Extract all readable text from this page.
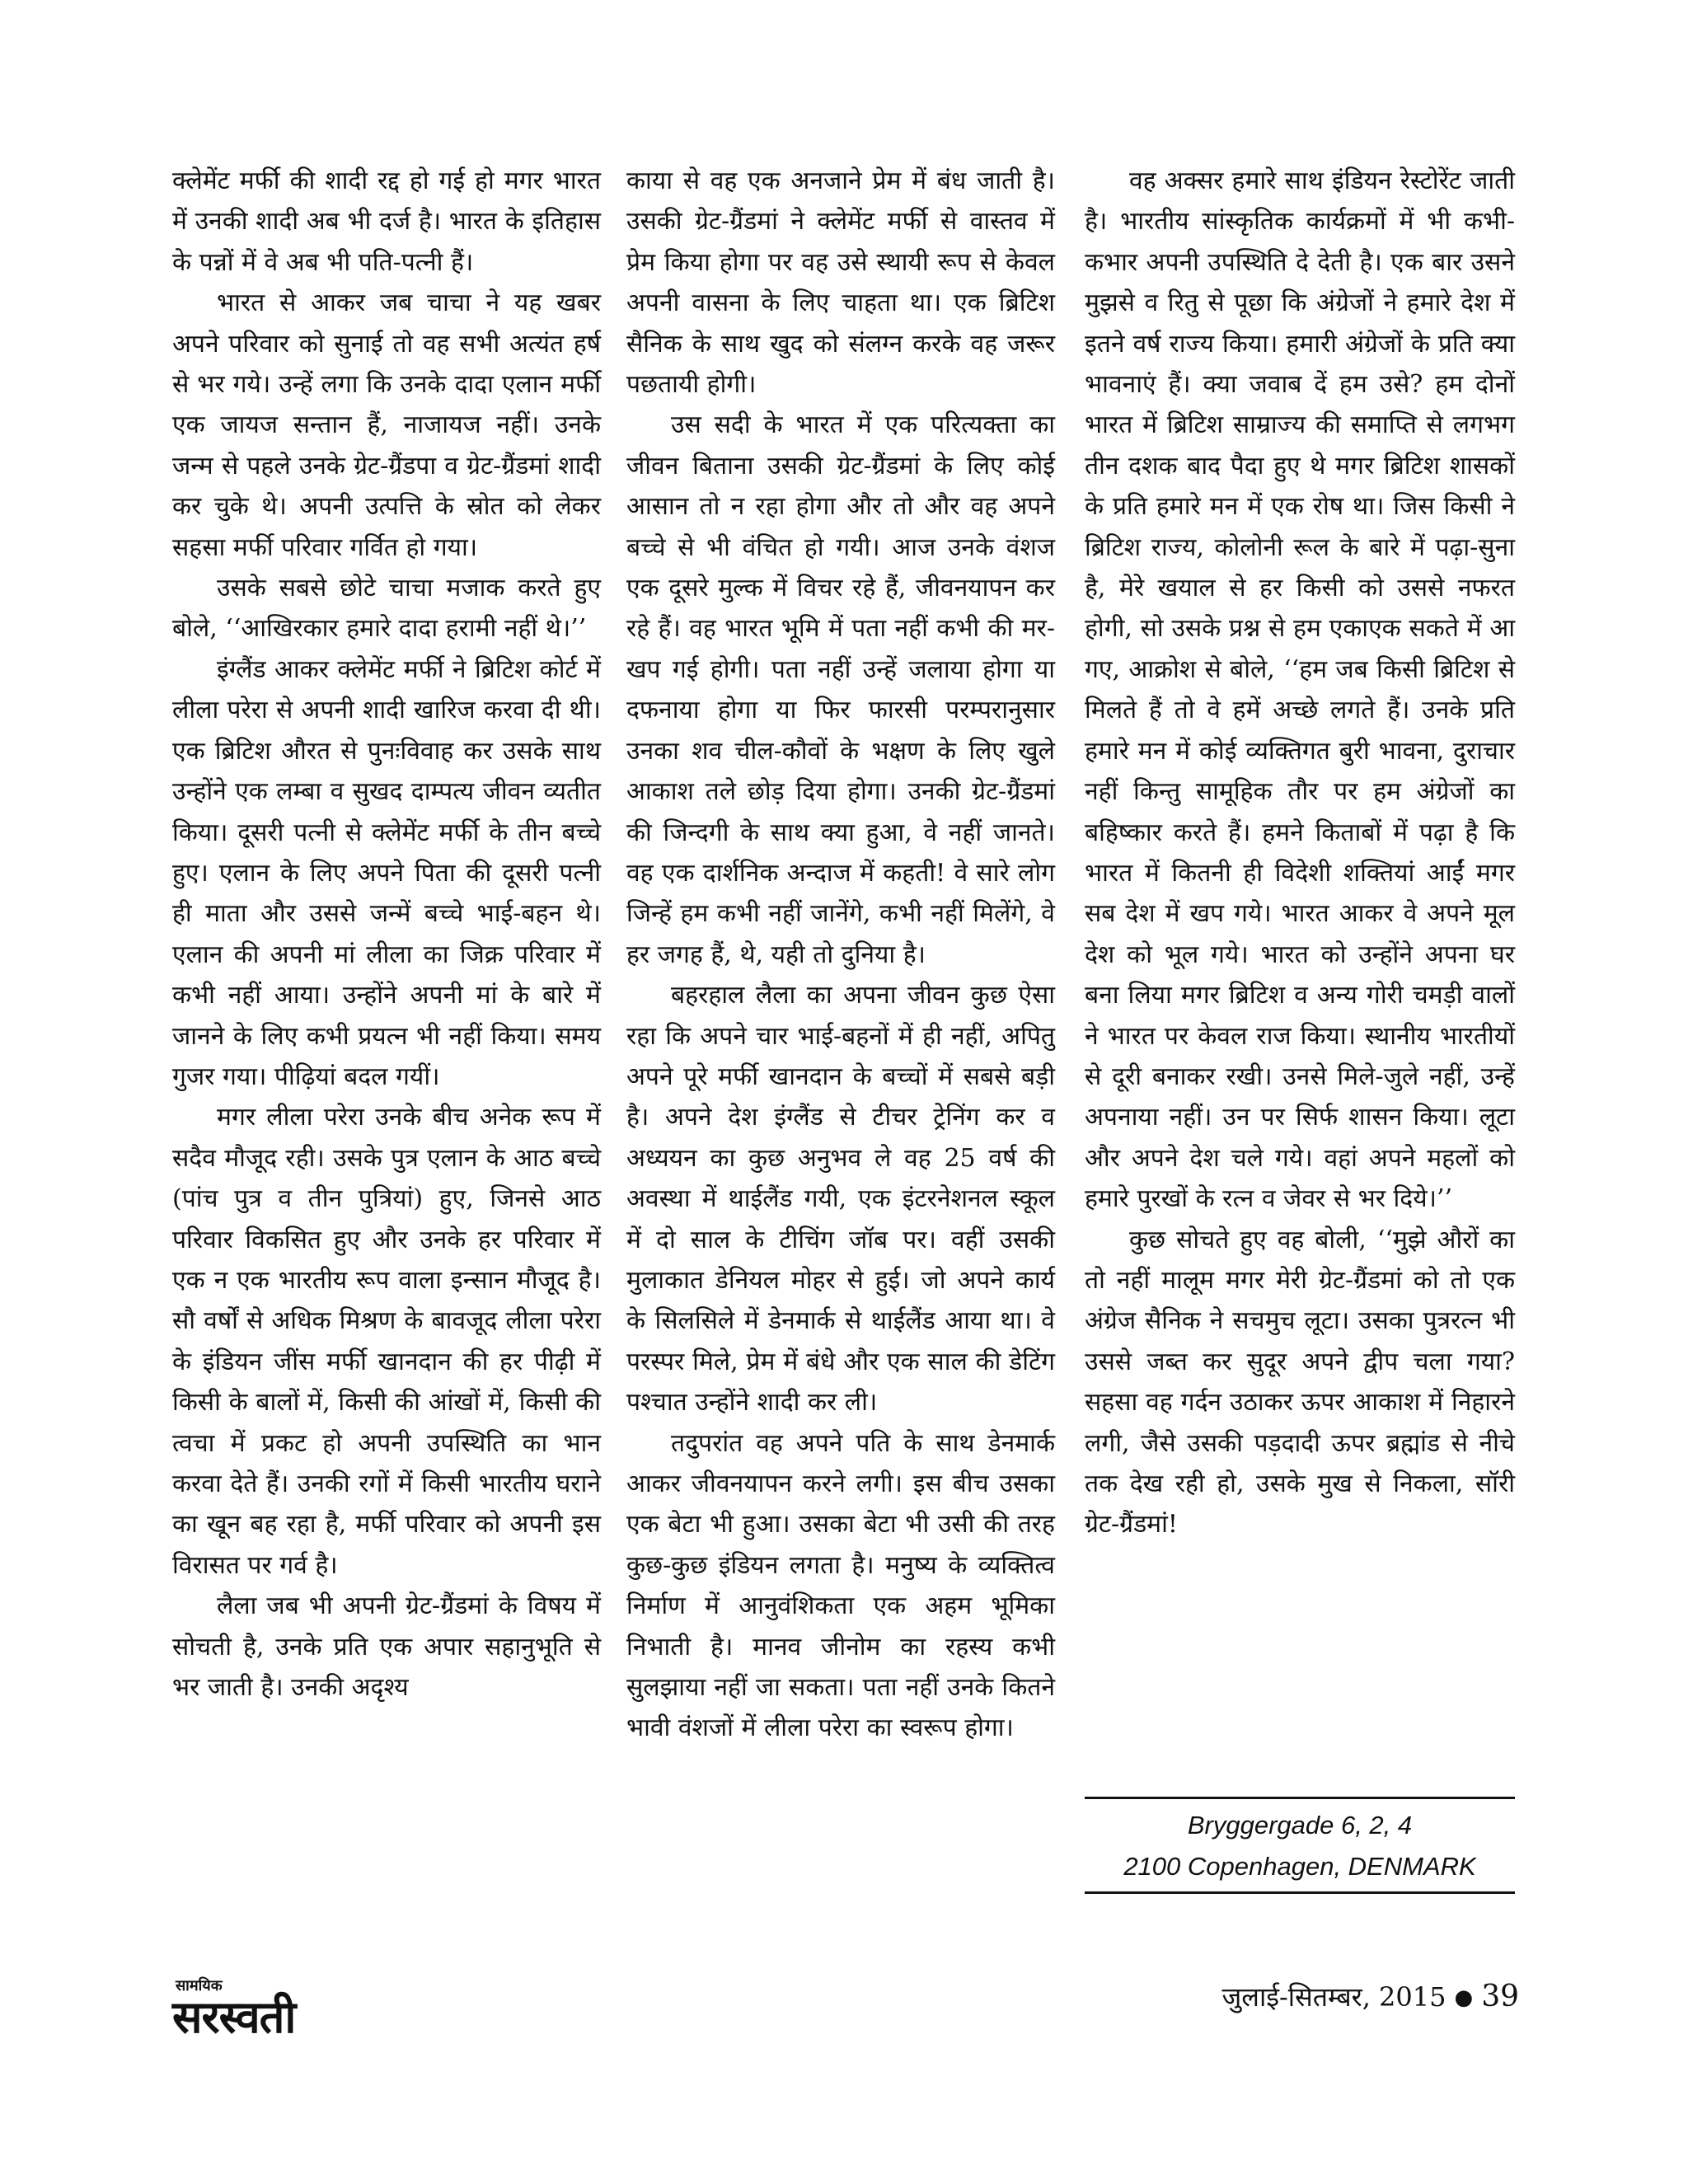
क्लेमेंट मर्फी की शादी रद्द हो गई हो मगर भारत में उनकी शादी अब भी दर्ज है। भारत के इतिहास के पन्नों में वे अब भी पति-पत्नी हैं।

भारत से आकर जब चाचा ने यह खबर अपने परिवार को सुनाई तो वह सभी अत्यंत हर्ष से भर गये। उन्हें लगा कि उनके दादा एलान मर्फी एक जायज सन्तान हैं, नाजायज नहीं। उनके जन्म से पहले उनके ग्रेट-ग्रैंडपा व ग्रेट-ग्रैंडमां शादी कर चुके थे। अपनी उत्पत्ति के स्रोत को लेकर सहसा मर्फी परिवार गर्वित हो गया।

उसके सबसे छोटे चाचा मजाक करते हुए बोले, ‘‘आखिरकार हमारे दादा हरामी नहीं थे।’’

इंग्लैंड आकर क्लेमेंट मर्फी ने ब्रिटिश कोर्ट में लीला परेरा से अपनी शादी खारिज करवा दी थी। एक ब्रिटिश औरत से पुनःविवाह कर उसके साथ उन्होंने एक लम्बा व सुखद दाम्पत्य जीवन व्यतीत किया। दूसरी पत्नी से क्लेमेंट मर्फी के तीन बच्चे हुए। एलान के लिए अपने पिता की दूसरी पत्नी ही माता और उससे जन्में बच्चे भाई-बहन थे। एलान की अपनी मां लीला का जिक्र परिवार में कभी नहीं आया। उन्होंने अपनी मां के बारे में जानने के लिए कभी प्रयत्न भी नहीं किया। समय गुजर गया। पीढ़ियां बदल गयीं।

मगर लीला परेरा उनके बीच अनेक रूप में सदैव मौजूद रही। उसके पुत्र एलान के आठ बच्चे (पांच पुत्र व तीन पुत्रियां) हुए, जिनसे आठ परिवार विकसित हुए और उनके हर परिवार में एक न एक भारतीय रूप वाला इन्सान मौजूद है। सौ वर्षों से अधिक मिश्रण के बावजूद लीला परेरा के इंडियन जींस मर्फी खानदान की हर पीढ़ी में किसी के बालों में, किसी की आंखों में, किसी की त्वचा में प्रकट हो अपनी उपस्थिति का भान करवा देते हैं। उनकी रगों में किसी भारतीय घराने का खून बह रहा है, मर्फी परिवार को अपनी इस विरासत पर गर्व है।

लैला जब भी अपनी ग्रेट-ग्रैंडमां के विषय में सोचती है, उनके प्रति एक अपार सहानुभूति से भर जाती है। उनकी अदृश्य

काया से वह एक अनजाने प्रेम में बंध जाती है। उसकी ग्रेट-ग्रैंडमां ने क्लेमेंट मर्फी से वास्तव में प्रेम किया होगा पर वह उसे स्थायी रूप से केवल अपनी वासना के लिए चाहता था। एक ब्रिटिश सैनिक के साथ खुद को संलग्न करके वह जरूर पछतायी होगी।

उस सदी के भारत में एक परित्यक्ता का जीवन बिताना उसकी ग्रेट-ग्रैंडमां के लिए कोई आसान तो न रहा होगा और तो और वह अपने बच्चे से भी वंचित हो गयी। आज उनके वंशज एक दूसरे मुल्क में विचर रहे हैं, जीवनयापन कर रहे हैं। वह भारत भूमि में पता नहीं कभी की मर-खप गई होगी। पता नहीं उन्हें जलाया होगा या दफनाया होगा या फिर फारसी परम्परानुसार उनका शव चील-कौवों के भक्षण के लिए खुले आकाश तले छोड़ दिया होगा। उनकी ग्रेट-ग्रैंडमां की जिन्दगी के साथ क्या हुआ, वे नहीं जानते। वह एक दार्शनिक अन्दाज में कहती! वे सारे लोग जिन्हें हम कभी नहीं जानेंगे, कभी नहीं मिलेंगे, वे हर जगह हैं, थे, यही तो दुनिया है।

बहरहाल लैला का अपना जीवन कुछ ऐसा रहा कि अपने चार भाई-बहनों में ही नहीं, अपितु अपने पूरे मर्फी खानदान के बच्चों में सबसे बड़ी है। अपने देश इंग्लैंड से टीचर ट्रेनिंग कर व अध्ययन का कुछ अनुभव ले वह 25 वर्ष की अवस्था में थाईलैंड गयी, एक इंटरनेशनल स्कूल में दो साल के टीचिंग जॉब पर। वहीं उसकी मुलाकात डेनियल मोहर से हुई। जो अपने कार्य के सिलसिले में डेनमार्क से थाईलैंड आया था। वे परस्पर मिले, प्रेम में बंधे और एक साल की डेटिंग पश्चात उन्होंने शादी कर ली।

तदुपरांत वह अपने पति के साथ डेनमार्क आकर जीवनयापन करने लगी। इस बीच उसका एक बेटा भी हुआ। उसका बेटा भी उसी की तरह कुछ-कुछ इंडियन लगता है। मनुष्य के व्यक्तित्व निर्माण में आनुवंशिकता एक अहम भूमिका निभाती है। मानव जीनोम का रहस्य कभी सुलझाया नहीं जा सकता। पता नहीं उनके कितने भावी वंशजों में लीला परेरा का स्वरूप होगा।

वह अक्सर हमारे साथ इंडियन रेस्टोरेंट जाती है। भारतीय सांस्कृतिक कार्यक्रमों में भी कभी-कभार अपनी उपस्थिति दे देती है। एक बार उसने मुझसे व रितु से पूछा कि अंग्रेजों ने हमारे देश में इतने वर्ष राज्य किया। हमारी अंग्रेजों के प्रति क्या भावनाएं हैं। क्या जवाब दें हम उसे? हम दोनों भारत में ब्रिटिश साम्राज्य की समाप्ति से लगभग तीन दशक बाद पैदा हुए थे मगर ब्रिटिश शासकों के प्रति हमारे मन में एक रोष था। जिस किसी ने ब्रिटिश राज्य, कोलोनी रूल के बारे में पढ़ा-सुना है, मेरे खयाल से हर किसी को उससे नफरत होगी, सो उसके प्रश्न से हम एकाएक सकते में आ गए, आक्रोश से बोले, ‘‘हम जब किसी ब्रिटिश से मिलते हैं तो वे हमें अच्छे लगते हैं। उनके प्रति हमारे मन में कोई व्यक्तिगत बुरी भावना, दुराचार नहीं किन्तु सामूहिक तौर पर हम अंग्रेजों का बहिष्कार करते हैं। हमने किताबों में पढ़ा है कि भारत में कितनी ही विदेशी शक्तियां आईं मगर सब देश में खप गये। भारत आकर वे अपने मूल देश को भूल गये। भारत को उन्होंने अपना घर बना लिया मगर ब्रिटिश व अन्य गोरी चमड़ी वालों ने भारत पर केवल राज किया। स्थानीय भारतीयों से दूरी बनाकर रखी। उनसे मिले-जुले नहीं, उन्हें अपनाया नहीं। उन पर सिर्फ शासन किया। लूटा और अपने देश चले गये। वहां अपने महलों को हमारे पुरखों के रत्न व जेवर से भर दिये।’’

कुछ सोचते हुए वह बोली, ‘‘मुझे औरों का तो नहीं मालूम मगर मेरी ग्रेट-ग्रैंडमां को तो एक अंग्रेज सैनिक ने सचमुच लूटा। उसका पुत्ररत्न भी उससे जब्त कर सुदूर अपने द्वीप चला गया? सहसा वह गर्दन उठाकर ऊपर आकाश में निहारने लगी, जैसे उसकी पड़दादी ऊपर ब्रह्मांड से नीचे तक देख रही हो, उसके मुख से निकला, सॉरी ग्रेट-ग्रैंडमां!

Bryggergade 6, 2, 4
2100 Copenhagen, DENMARK
सामयिक
सरस्वती	जुलाई-सितम्बर, 2015 ● 39
